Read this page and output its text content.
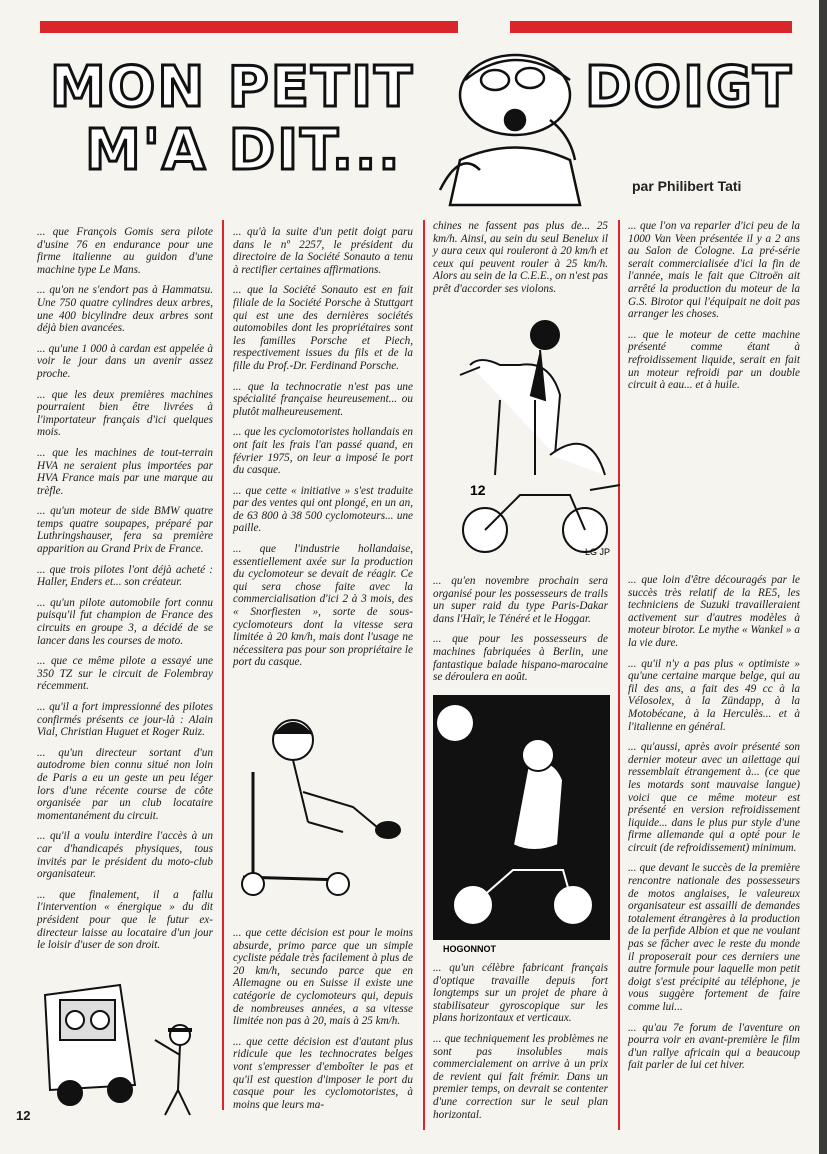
MON PETIT	DOIGT
M'A DIT...
par Philibert Tati

... que François Gomis sera pilote d'usine 76 en endurance pour une firme italienne au guidon d'une machine type Le Mans.

... qu'on ne s'endort pas à Hammatsu. Une 750 quatre cylindres deux arbres, une 400 bicylindre deux arbres sont déjà bien avancées.

... qu'une 1 000 à cardan est appelée à voir le jour dans un avenir assez proche.

... que les deux premières machines pourraient bien être livrées à l'importateur français d'ici quelques mois.

... que les machines de tout-terrain HVA ne seraient plus importées par HVA France mais par une marque au trèfle.

... qu'un moteur de side BMW quatre temps quatre soupapes, préparé par Luthringshauser, fera sa première apparition au Grand Prix de France.

... que trois pilotes l'ont déjà acheté : Haller, Enders et... son créateur.

... qu'un pilote automobile fort connu puisqu'il fut champion de France des circuits en groupe 3, a décidé de se lancer dans les courses de moto.

... que ce même pilote a essayé une 350 TZ sur le circuit de Folembray récemment.

... qu'il a fort impressionné des pilotes confirmés présents ce jour-là : Alain Vial, Christian Huguet et Roger Ruiz.

... qu'un directeur sortant d'un autodrome bien connu situé non loin de Paris a eu un geste un peu léger lors d'une récente course de côte organisée par un club locataire momentanément du circuit.

... qu'il a voulu interdire l'accès à un car d'handicapés physiques, tous invités par le président du moto-club organisateur.

... que finalement, il a fallu l'intervention « énergique » du dit président pour que le futur ex-directeur laisse au locataire d'un jour le loisir d'user de son droit.

... qu'à la suite d'un petit doigt paru dans le nº 2257, le président du directoire de la Société Sonauto a tenu à rectifier certaines affirmations.

... que la Société Sonauto est en fait filiale de la Société Porsche à Stuttgart qui est une des dernières sociétés automobiles dont les propriétaires sont les familles Porsche et Piech, respectivement issues du fils et de la fille du Prof.-Dr. Ferdinand Porsche.

... que la technocratie n'est pas une spécialité française heureusement... ou plutôt malheureusement.

... que les cyclomotoristes hollandais en ont fait les frais l'an passé quand, en février 1975, on leur a imposé le port du casque.

... que cette « initiative » s'est traduite par des ventes qui ont plongé, en un an, de 63 800 à 38 500 cyclomoteurs... une paille.

... que l'industrie hollandaise, essentiellement axée sur la production du cyclomoteur se devait de réagir. Ce qui sera chose faite avec la commercialisation d'ici 2 à 3 mois, des « Snorfiesten », sorte de sous-cyclomoteurs dont la vitesse sera limitée à 20 km/h, mais dont l'usage ne nécessitera pas pour son propriétaire le port du casque.

... que cette décision est pour le moins absurde, primo parce que un simple cycliste pédale très facilement à plus de 20 km/h, secundo parce que en Allemagne ou en Suisse il existe une catégorie de cyclomoteurs qui, depuis de nombreuses années, a sa vitesse limitée non pas à 20, mais à 25 km/h.

... que cette décision est d'autant plus ridicule que les technocrates belges vont s'empresser d'emboîter le pas et qu'il est question d'imposer le port du casque pour les cyclomotoristes, à moins que leurs ma-

chines ne fassent pas plus de... 25 km/h. Ainsi, au sein du seul Benelux il y aura ceux qui rouleront à 20 km/h et ceux qui peuvent rouler à 25 km/h. Alors au sein de la C.E.E., on n'est pas prêt d'accorder ses violons.

12
LG JP

... qu'en novembre prochain sera organisé pour les possesseurs de trails un super raid du type Paris-Dakar dans l'Haïr, le Ténéré et le Hoggar.

... que pour les possesseurs de machines fabriquées à Berlin, une fantastique balade hispano-marocaine se déroulera en août.

HOGONNOT

... qu'un célèbre fabricant français d'optique travaille depuis fort longtemps sur un projet de phare à stabilisateur gyroscopique sur les plans horizontaux et verticaux.

... que techniquement les problèmes ne sont pas insolubles mais commercialement on arrive à un prix de revient qui fait frémir. Dans un premier temps, on devrait se contenter d'une correction sur le seul plan horizontal.

... que l'on va reparler d'ici peu de la 1000 Van Veen présentée il y a 2 ans au Salon de Cologne. La pré-série serait commercialisée d'ici la fin de l'année, mais le fait que Citroën ait arrêté la production du moteur de la G.S. Birotor qui l'équipait ne doit pas arranger les choses.

... que le moteur de cette machine présenté comme étant à refroidissement liquide, serait en fait un moteur refroidi par un double circuit à eau... et à huile.

... que loin d'être découragés par le succès très relatif de la RE5, les techniciens de Suzuki travailleraient activement sur d'autres modèles à moteur birotor. Le mythe « Wankel » a la vie dure.

... qu'il n'y a pas plus « optimiste » qu'une certaine marque belge, qui au fil des ans, a fait des 49 cc à la Vélosolex, à la Zündapp, à la Motobécane, à la Herculès... et à l'italienne en général.

... qu'aussi, après avoir présenté son dernier moteur avec un ailettage qui ressemblait étrangement à... (ce que les motards sont mauvaise langue) voici que ce même moteur est présenté en version refroidissement liquide... dans le plus pur style d'une firme allemande qui a opté pour le circuit (de refroidissement) minimum.

... que devant le succès de la première rencontre nationale des possesseurs de motos anglaises, le valeureux organisateur est assailli de demandes totalement étrangères à la production de la perfide Albion et que ne voulant pas se fâcher avec le reste du monde il proposerait pour ces derniers une autre formule pour laquelle mon petit doigt s'est précipité au téléphone, je vous suggère fortement de faire comme lui...

... qu'au 7e forum de l'aventure on pourra voir en avant-première le film d'un rallye africain qui a beaucoup fait parler de lui cet hiver.

12
